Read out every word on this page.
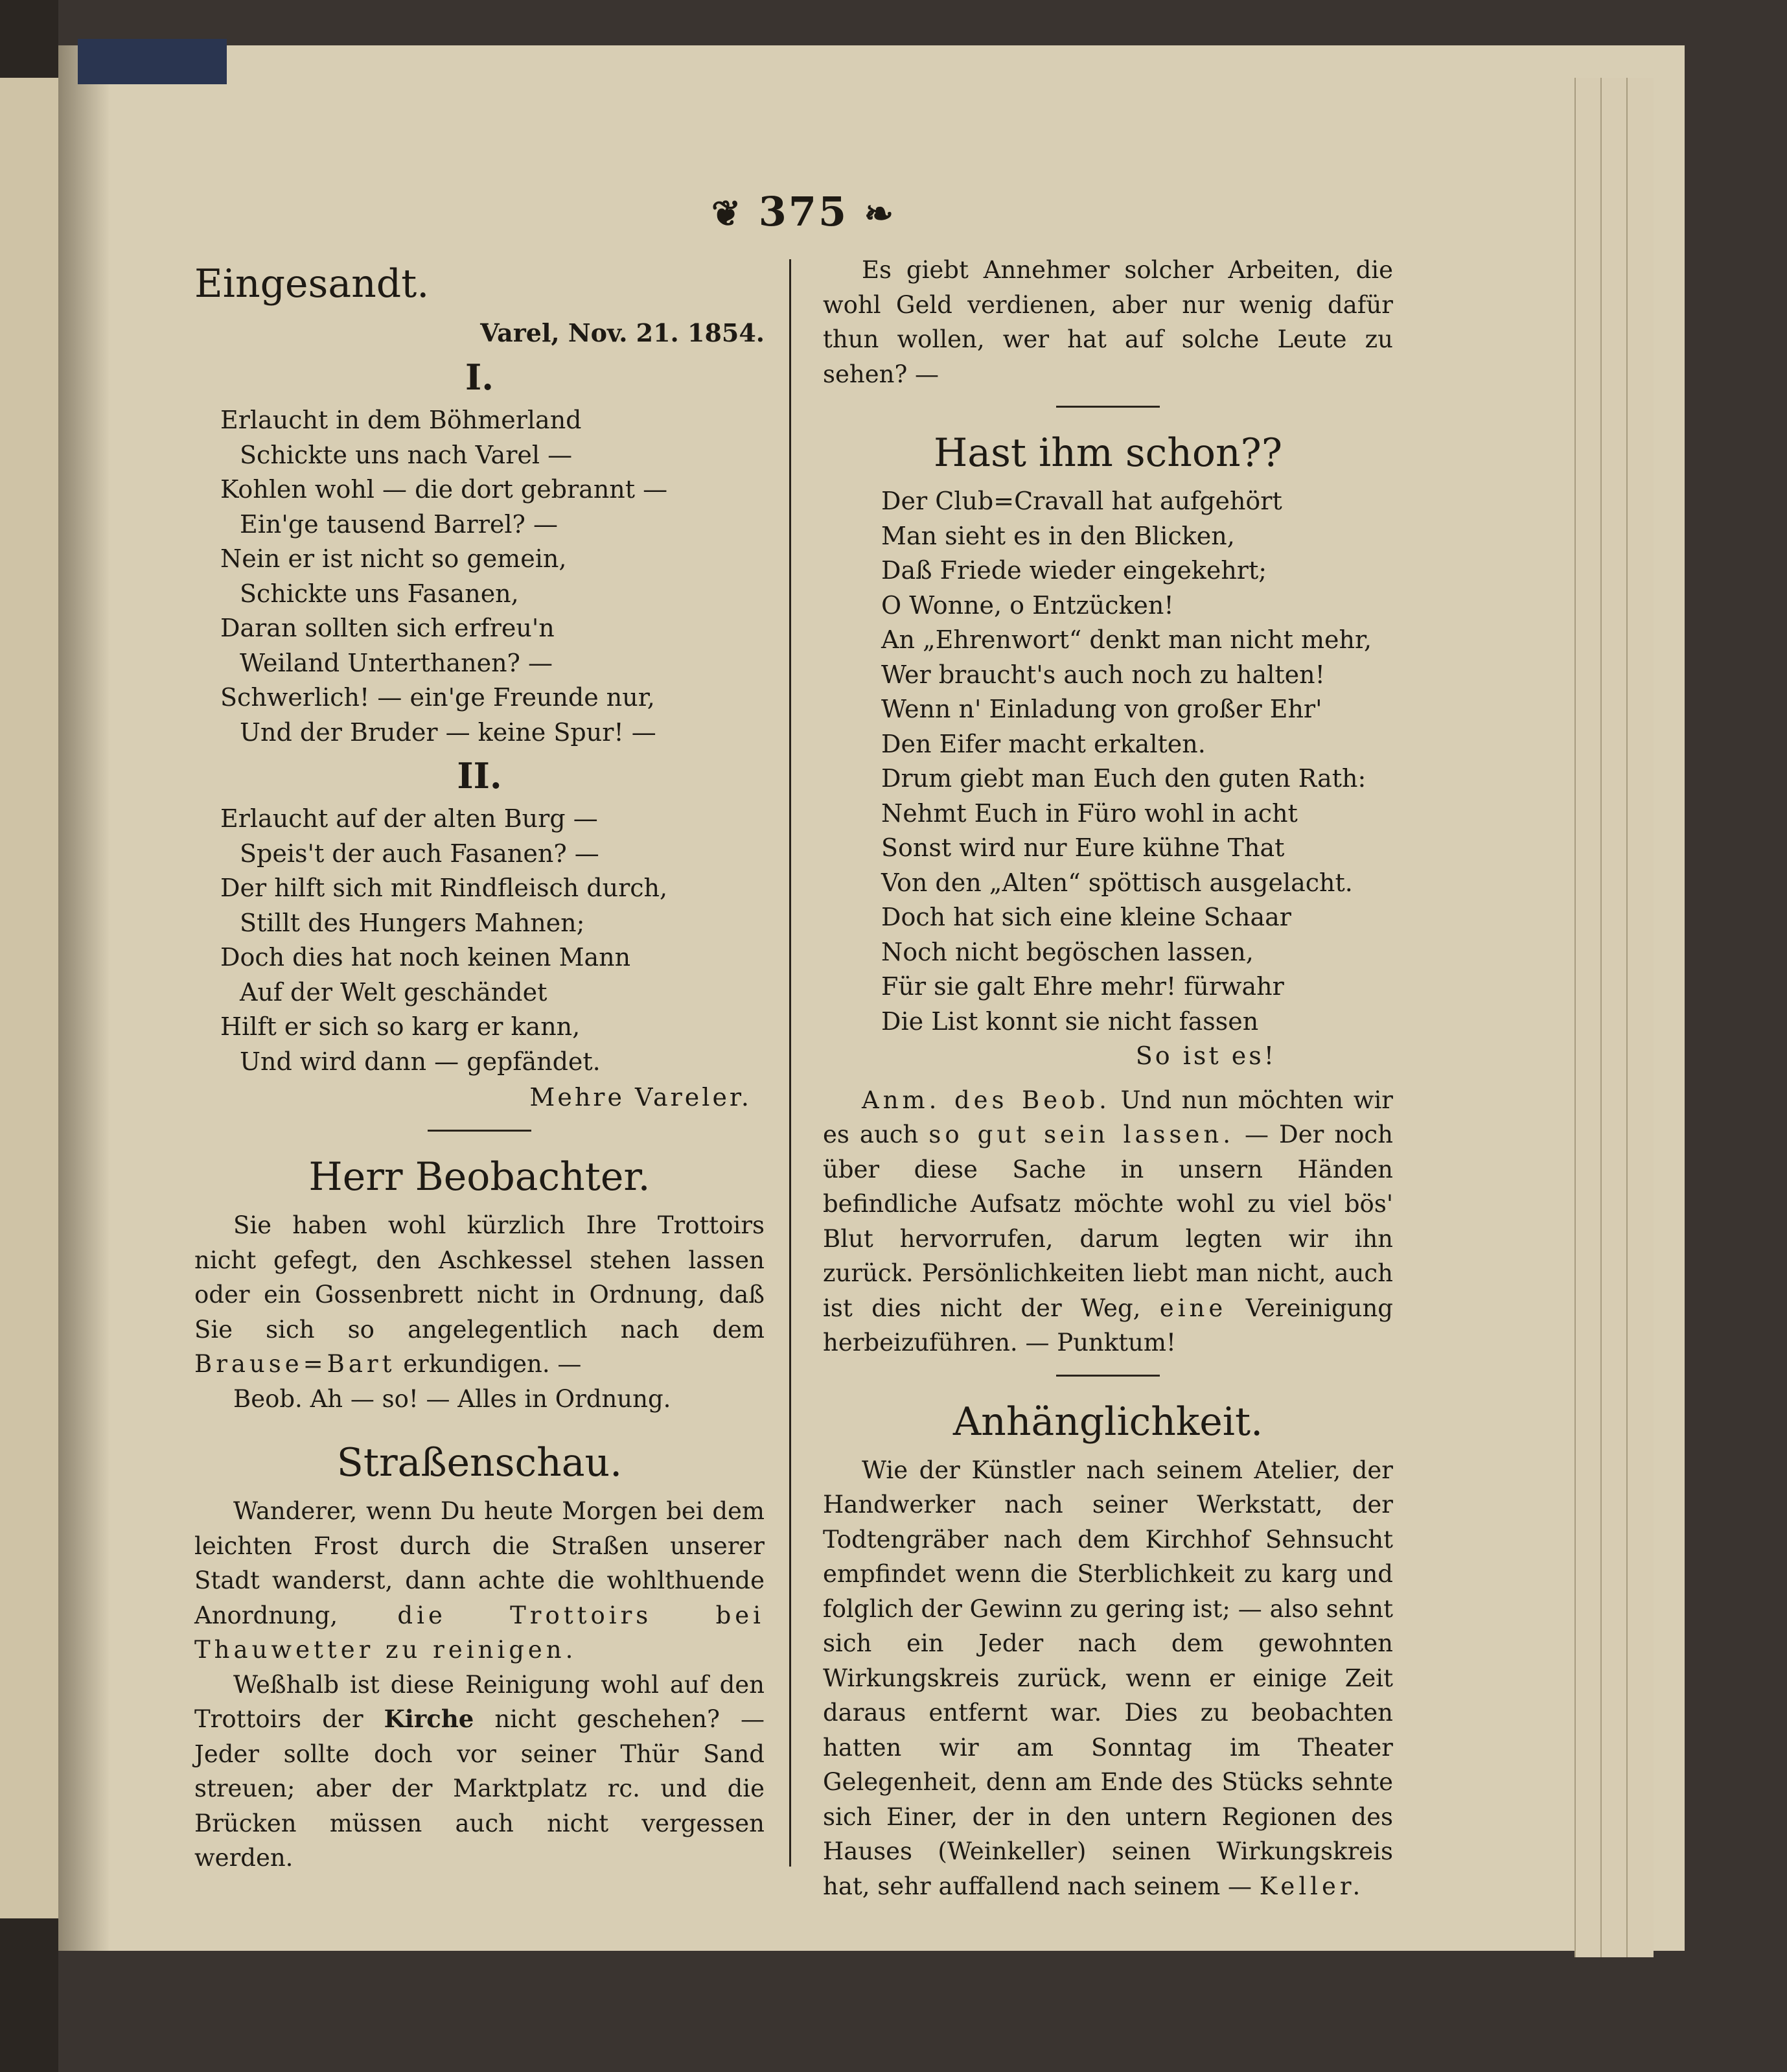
❦ 375 ❧
Eingesandt.
Varel, Nov. 21. 1854.
I.
Erlaucht in dem Böhmerland
Schickte uns nach Varel —
Kohlen wohl — die dort gebrannt —
Ein'ge tausend Barrel? —
Nein er ist nicht so gemein,
Schickte uns Fasanen,
Daran sollten sich erfreu'n
Weiland Unterthanen? —
Schwerlich! — ein'ge Freunde nur,
Und der Bruder — keine Spur! —
II.
Erlaucht auf der alten Burg —
Speis't der auch Fasanen? —
Der hilft sich mit Rindfleisch durch,
Stillt des Hungers Mahnen;
Doch dies hat noch keinen Mann
Auf der Welt geschändet
Hilft er sich so karg er kann,
Und wird dann — gepfändet.
Mehre Vareler.
Herr Beobachter.

Sie haben wohl kürzlich Ihre Trottoirs nicht gefegt, den Aschkessel stehen lassen oder ein Gossenbrett nicht in Ordnung, daß Sie sich so angelegentlich nach dem Brause=Bart erkundigen. —

Beob. Ah — so! — Alles in Ordnung.

Straßenschau.

Wanderer, wenn Du heute Morgen bei dem leichten Frost durch die Straßen unserer Stadt wanderst, dann achte die wohlthuende Anordnung, die Trottoirs bei Thauwetter zu reinigen.

Weßhalb ist diese Reinigung wohl auf den Trottoirs der Kirche nicht geschehen? — Jeder sollte doch vor seiner Thür Sand streuen; aber der Marktplatz rc. und die Brücken müssen auch nicht vergessen werden.

Es giebt Annehmer solcher Arbeiten, die wohl Geld verdienen, aber nur wenig dafür thun wollen, wer hat auf solche Leute zu sehen? —

Hast ihm schon??
Der Club=Cravall hat aufgehört
Man sieht es in den Blicken,
Daß Friede wieder eingekehrt;
O Wonne, o Entzücken!
An „Ehrenwort“ denkt man nicht mehr,
Wer braucht's auch noch zu halten!
Wenn n' Einladung von großer Ehr'
Den Eifer macht erkalten.
Drum giebt man Euch den guten Rath:
Nehmt Euch in Füro wohl in acht
Sonst wird nur Eure kühne That
Von den „Alten“ spöttisch ausgelacht.
Doch hat sich eine kleine Schaar
Noch nicht begöschen lassen,
Für sie galt Ehre mehr! fürwahr
Die List konnt sie nicht fassen
So ist es!

Anm. des Beob. Und nun möchten wir es auch so gut sein lassen. — Der noch über diese Sache in unsern Händen befindliche Aufsatz möchte wohl zu viel bös' Blut hervorrufen, darum legten wir ihn zurück. Persönlichkeiten liebt man nicht, auch ist dies nicht der Weg, eine Vereinigung herbeizuführen. — Punktum!

Anhänglichkeit.

Wie der Künstler nach seinem Atelier, der Handwerker nach seiner Werkstatt, der Todtengräber nach dem Kirchhof Sehnsucht empfindet wenn die Sterblichkeit zu karg und folglich der Gewinn zu gering ist; — also sehnt sich ein Jeder nach dem gewohnten Wirkungskreis zurück, wenn er einige Zeit daraus entfernt war. Dies zu beobachten hatten wir am Sonntag im Theater Gelegenheit, denn am Ende des Stücks sehnte sich Einer, der in den untern Regionen des Hauses (Weinkeller) seinen Wirkungskreis hat, sehr auffallend nach seinem — Keller.
